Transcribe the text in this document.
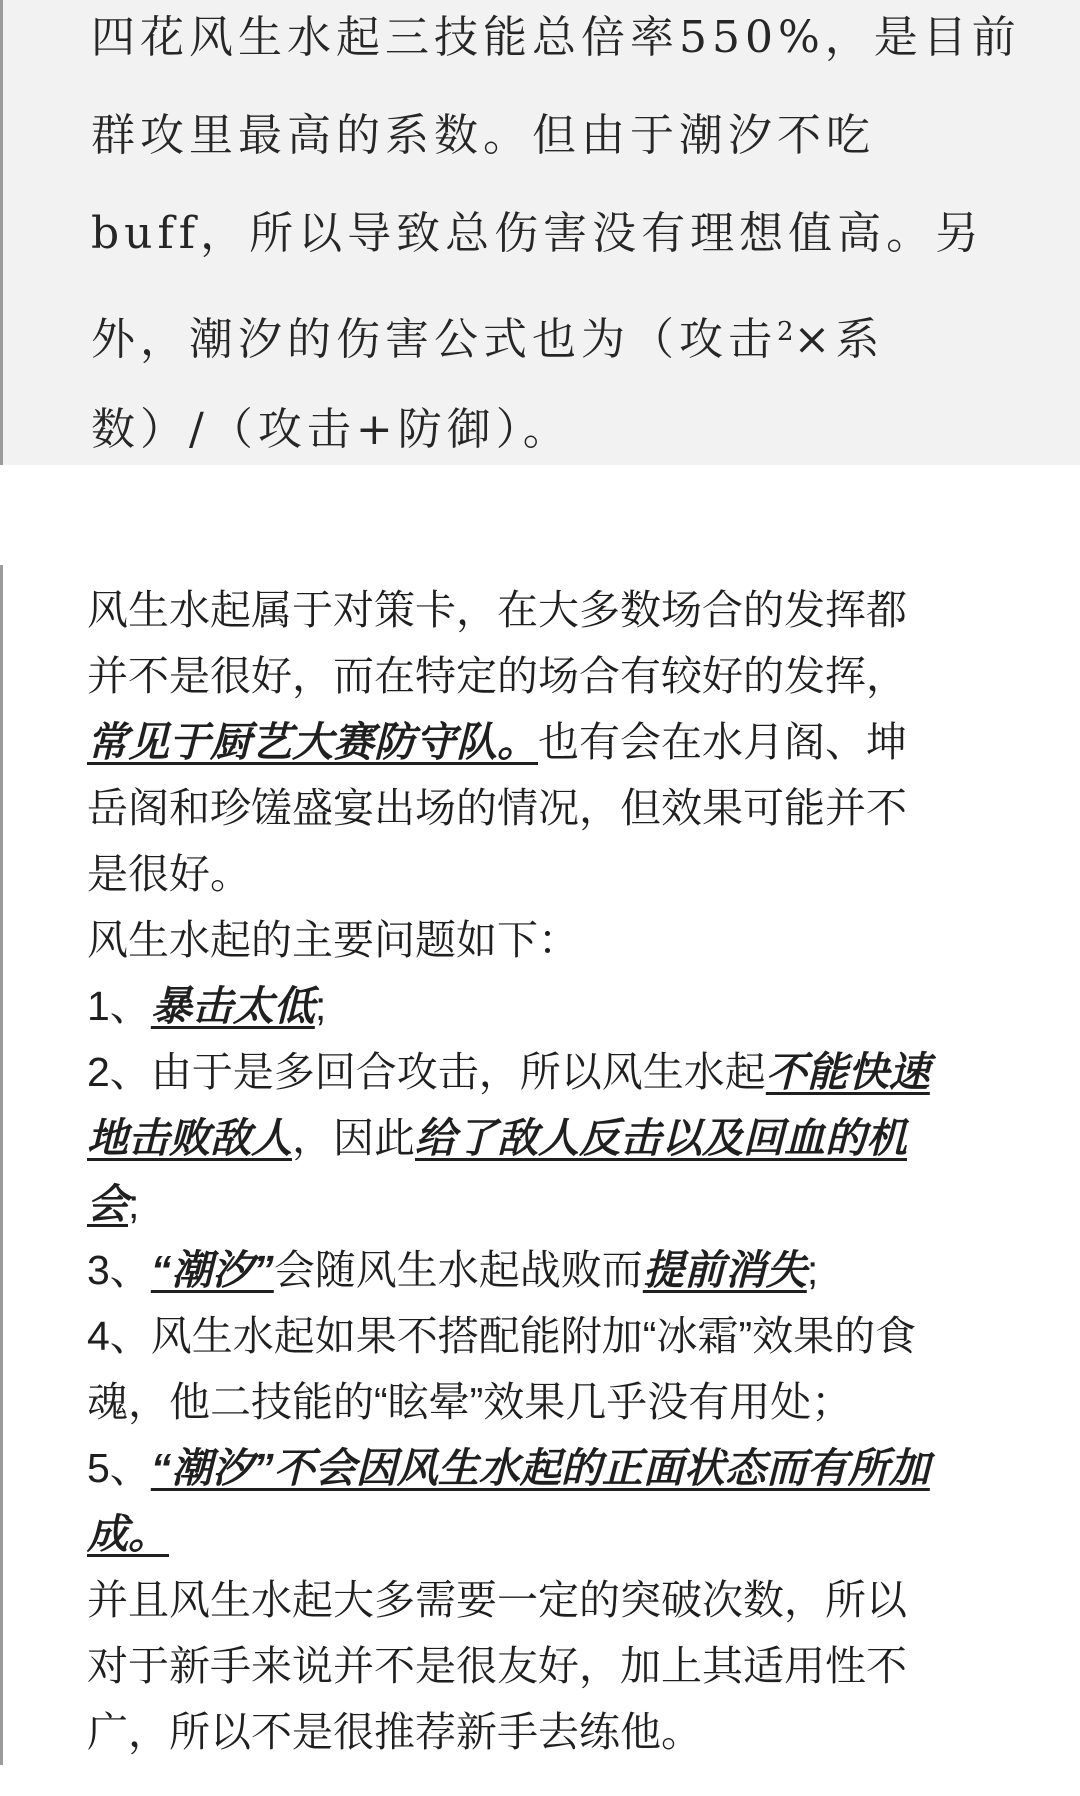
四花风生水起三技能总倍率550%，是目前
群攻里最高的系数。但由于潮汐不吃
buff，所以导致总伤害没有理想值高。另
外，潮汐的伤害公式也为（攻击$^2$×系
数）/（攻击+防御）。

风生水起属于对策卡，在大多数场合的发挥都

并不是很好，而在特定的场合有较好的发挥，

常见于厨艺大赛防守队。也有会在水月阁、坤

岳阁和珍馐盛宴出场的情况，但效果可能并不

是很好。

风生水起的主要问题如下：

1、暴击太低;

2、由于是多回合攻击，所以风生水起不能快速

地击败敌人，因此给了敌人反击以及回血的机

会;

3、“潮汐”会随风生水起战败而提前消失;

4、风生水起如果不搭配能附加“冰霜”效果的食

魂，他二技能的“眩晕”效果几乎没有用处；

5、“潮汐”不会因风生水起的正面状态而有所加

成。

并且风生水起大多需要一定的突破次数，所以

对于新手来说并不是很友好，加上其适用性不

广，所以不是很推荐新手去练他。
